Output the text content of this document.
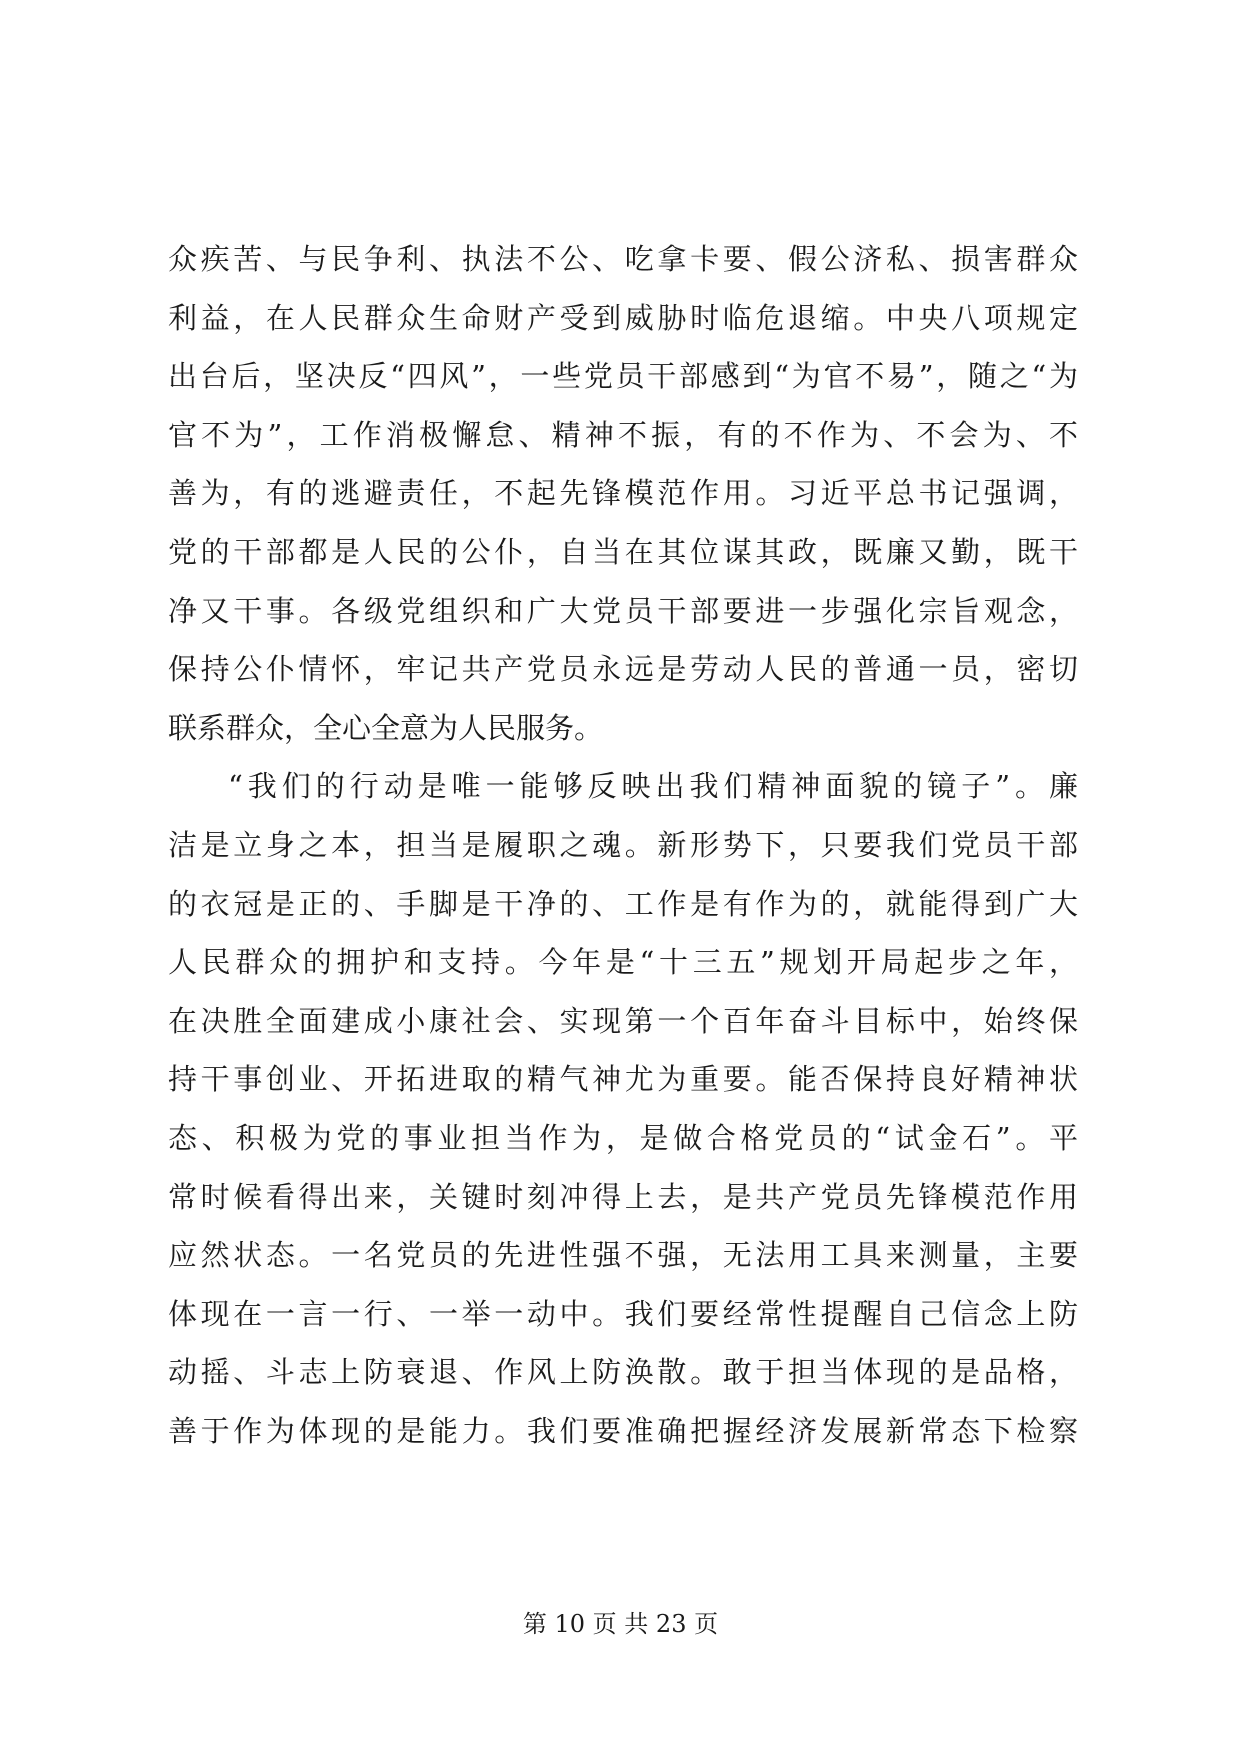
众疾苦、与民争利、执法不公、吃拿卡要、假公济私、损害群众
利益，在人民群众生命财产受到威胁时临危退缩。中央八项规定
出台后，坚决反“四风”，一些党员干部感到“为官不易”，随之“为
官不为”，工作消极懈怠、精神不振，有的不作为、不会为、不
善为，有的逃避责任，不起先锋模范作用。习近平总书记强调，
党的干部都是人民的公仆，自当在其位谋其政，既廉又勤，既干
净又干事。各级党组织和广大党员干部要进一步强化宗旨观念，
保持公仆情怀，牢记共产党员永远是劳动人民的普通一员，密切
联系群众，全心全意为人民服务。
“我们的行动是唯一能够反映出我们精神面貌的镜子”。廉
洁是立身之本，担当是履职之魂。新形势下，只要我们党员干部
的衣冠是正的、手脚是干净的、工作是有作为的，就能得到广大
人民群众的拥护和支持。今年是“十三五”规划开局起步之年，
在决胜全面建成小康社会、实现第一个百年奋斗目标中，始终保
持干事创业、开拓进取的精气神尤为重要。能否保持良好精神状
态、积极为党的事业担当作为，是做合格党员的“试金石”。平
常时候看得出来，关键时刻冲得上去，是共产党员先锋模范作用
应然状态。一名党员的先进性强不强，无法用工具来测量，主要
体现在一言一行、一举一动中。我们要经常性提醒自己信念上防
动摇、斗志上防衰退、作风上防涣散。敢于担当体现的是品格，
善于作为体现的是能力。我们要准确把握经济发展新常态下检察
第 10 页 共 23 页
